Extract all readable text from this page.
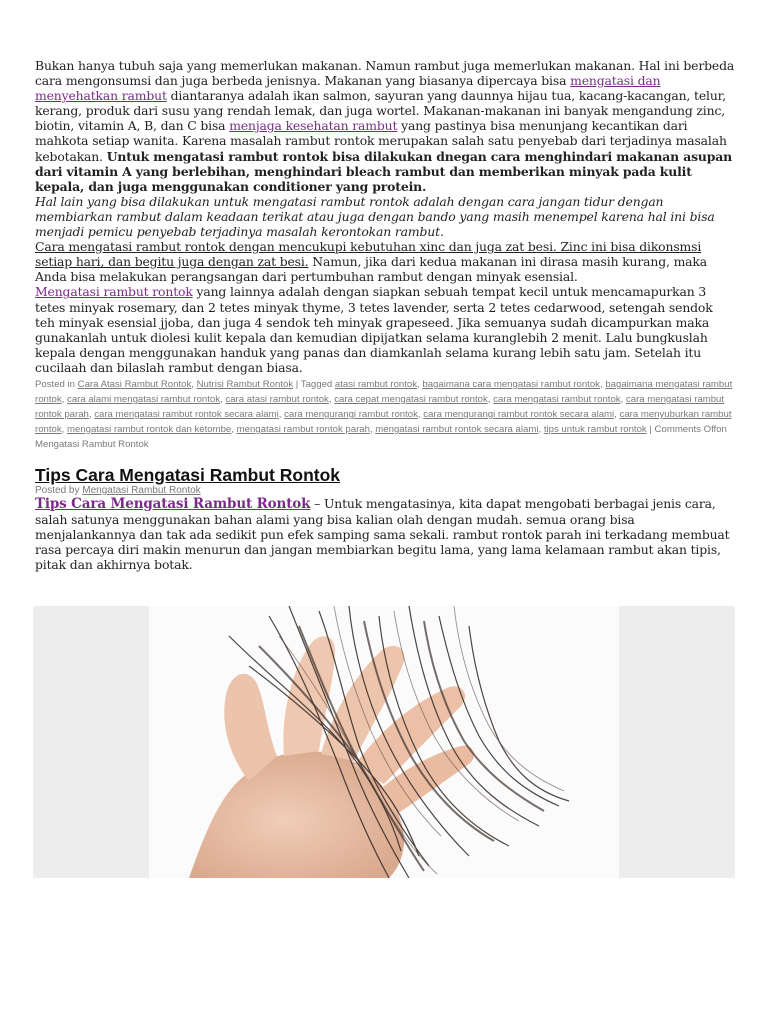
Bukan hanya tubuh saja yang memerlukan makanan. Namun rambut juga memerlukan makanan. Hal ini berbeda cara mengonsumsi dan juga berbeda jenisnya. Makanan yang biasanya dipercaya bisa mengatasi dan menyehatkan rambut diantaranya adalah ikan salmon, sayuran yang daunnya hijau tua, kacang-kacangan, telur, kerang, produk dari susu yang rendah lemak, dan juga wortel. Makanan-makanan ini banyak mengandung zinc, biotin, vitamin A, B, dan C bisa menjaga kesehatan rambut yang pastinya bisa menunjang kecantikan dari mahkota setiap wanita. Karena masalah rambut rontok merupakan salah satu penyebab dari terjadinya masalah kebotakan. Untuk mengatasi rambut rontok bisa dilakukan dnegan cara menghindari makanan asupan dari vitamin A yang berlebihan, menghindari bleach rambut dan memberikan minyak pada kulit kepala, dan juga menggunakan conditioner yang protein.
Hal lain yang bisa dilakukan untuk mengatasi rambut rontok adalah dengan cara jangan tidur dengan membiarkan rambut dalam keadaan terikat atau juga dengan bando yang masih menempel karena hal ini bisa menjadi pemicu penyebab terjadinya masalah kerontokan rambut.
Cara mengatasi rambut rontok dengan mencukupi kebutuhan xinc dan juga zat besi. Zinc ini bisa dikonsmsi setiap hari, dan begitu juga dengan zat besi. Namun, jika dari kedua makanan ini dirasa masih kurang, maka Anda bisa melakukan perangsangan dari pertumbuhan rambut dengan minyak esensial.

Mengatasi rambut rontok yang lainnya adalah dengan siapkan sebuah tempat kecil untuk mencamapurkan 3 tetes minyak rosemary, dan 2 tetes minyak thyme, 3 tetes lavender, serta 2 tetes cedarwood, setengah sendok teh minyak esensial jjoba, dan juga 4 sendok teh minyak grapeseed. Jika semuanya sudah dicampurkan maka gunakanlah untuk diolesi kulit kepala dan kemudian dipijatkan selama kuranglebih 2 menit. Lalu bungkuslah kepala dengan menggunakan handuk yang panas dan diamkanlah selama kurang lebih satu jam. Setelah itu cucilaah dan bilaslah rambut dengan biasa.

Posted in Cara Atasi Rambut Rontok, Nutrisi Rambut Rontok | Tagged atasi rambut rontok, bagaimana cara mengatasi rambut rontok, bagaimana mengatasi rambut rontok, cara alami mengatasi rambut rontok, cara atasi rambut rontok, cara cepat mengatasi rambut rontok, cara mengatasi rambut rontok, cara mengatasi rambut rontok parah, cara mengatasi rambut rontok secara alami, cara mengurangi rambut rontok, cara mengurangi rambut rontok secara alami, cara menyuburkan rambut rontok, mengatasi rambut rontok dan ketombe, mengatasi rambut rontok parah, mengatasi rambut rontok secara alami, tips untuk rambut rontok | Comments Offon Mengatasi Rambut Rontok
Tips Cara Mengatasi Rambut Rontok
Posted by Mengatasi Rambut Rontok

Tips Cara Mengatasi Rambut Rontok – Untuk mengatasinya, kita dapat mengobati berbagai jenis cara, salah satunya menggunakan bahan alami yang bisa kalian olah dengan mudah. semua orang bisa menjalankannya dan tak ada sedikit pun efek samping sama sekali. rambut rontok parah ini terkadang membuat rasa percaya diri makin menurun dan jangan membiarkan begitu lama, yang lama kelamaan rambut akan tipis, pitak dan akhirnya botak.
